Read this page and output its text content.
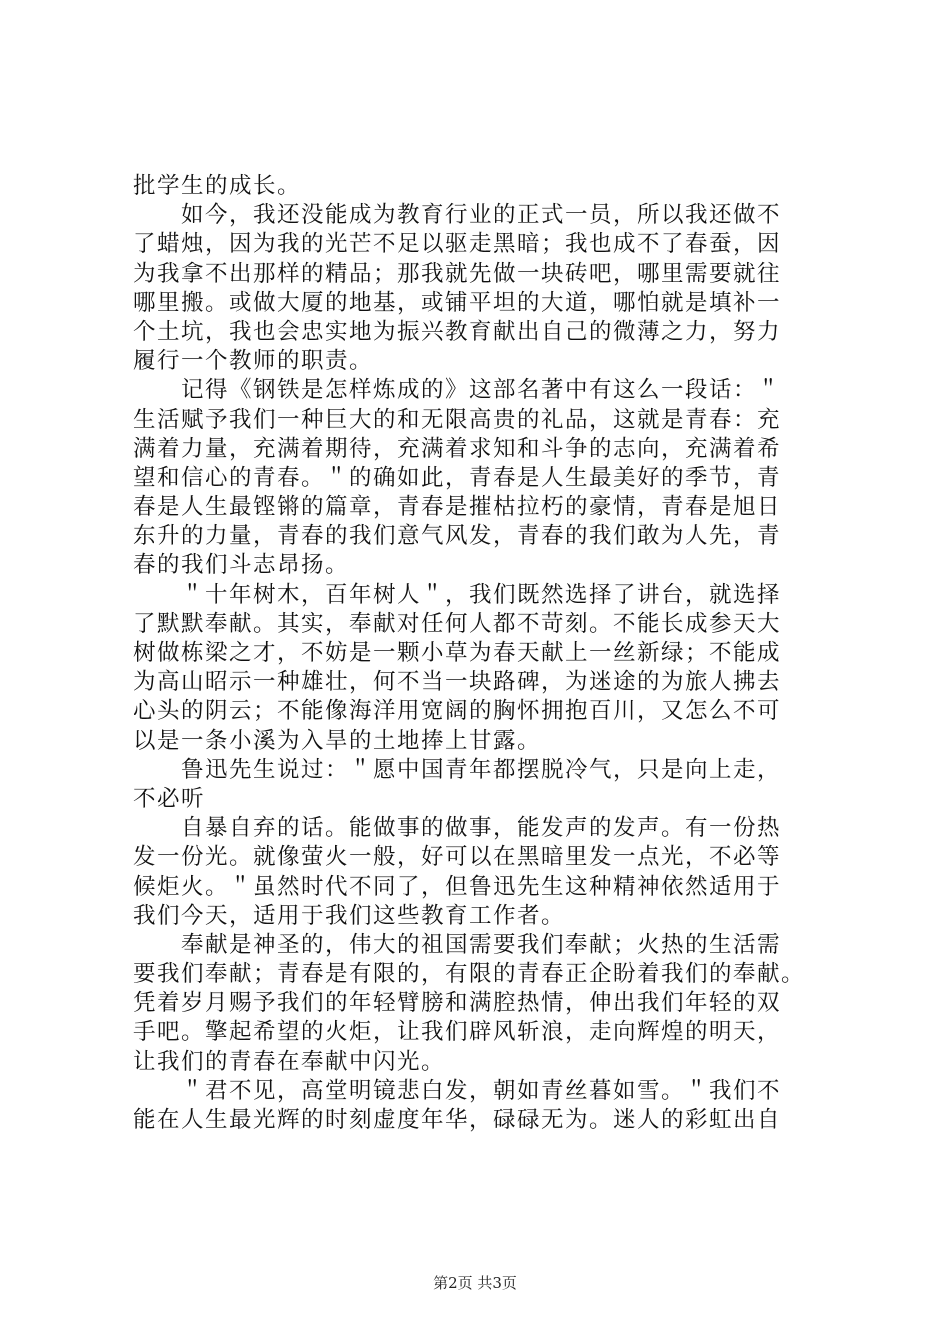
批学生的成长。
　　如今，我还没能成为教育行业的正式一员，所以我还做不
了蜡烛，因为我的光芒不足以驱走黑暗；我也成不了春蚕，因
为我拿不出那样的精品；那我就先做一块砖吧，哪里需要就往
哪里搬。或做大厦的地基，或铺平坦的大道，哪怕就是填补一
个土坑，我也会忠实地为振兴教育献出自己的微薄之力，努力
履行一个教师的职责。
　　记得《钢铁是怎样炼成的》这部名著中有这么一段话：＂
生活赋予我们一种巨大的和无限高贵的礼品，这就是青春：充
满着力量，充满着期待，充满着求知和斗争的志向，充满着希
望和信心的青春。＂的确如此，青春是人生最美好的季节，青
春是人生最铿锵的篇章，青春是摧枯拉朽的豪情，青春是旭日
东升的力量，青春的我们意气风发，青春的我们敢为人先，青
春的我们斗志昂扬。
　　＂十年树木，百年树人＂，我们既然选择了讲台，就选择
了默默奉献。其实，奉献对任何人都不苛刻。不能长成参天大
树做栋梁之才，不妨是一颗小草为春天献上一丝新绿；不能成
为高山昭示一种雄壮，何不当一块路碑，为迷途的为旅人拂去
心头的阴云；不能像海洋用宽阔的胸怀拥抱百川，又怎么不可
以是一条小溪为入旱的土地捧上甘露。
　　鲁迅先生说过：＂愿中国青年都摆脱冷气，只是向上走，
不必听
　　自暴自弃的话。能做事的做事，能发声的发声。有一份热
发一份光。就像萤火一般，好可以在黑暗里发一点光，不必等
候炬火。＂虽然时代不同了，但鲁迅先生这种精神依然适用于
我们今天，适用于我们这些教育工作者。
　　奉献是神圣的，伟大的祖国需要我们奉献；火热的生活需
要我们奉献；青春是有限的，有限的青春正企盼着我们的奉献。
凭着岁月赐予我们的年轻臂膀和满腔热情，伸出我们年轻的双
手吧。擎起希望的火炬，让我们辟风斩浪，走向辉煌的明天，
让我们的青春在奉献中闪光。
　　＂君不见，高堂明镜悲白发，朝如青丝暮如雪。＂我们不
能在人生最光辉的时刻虚度年华，碌碌无为。迷人的彩虹出自
第2页 共3页
